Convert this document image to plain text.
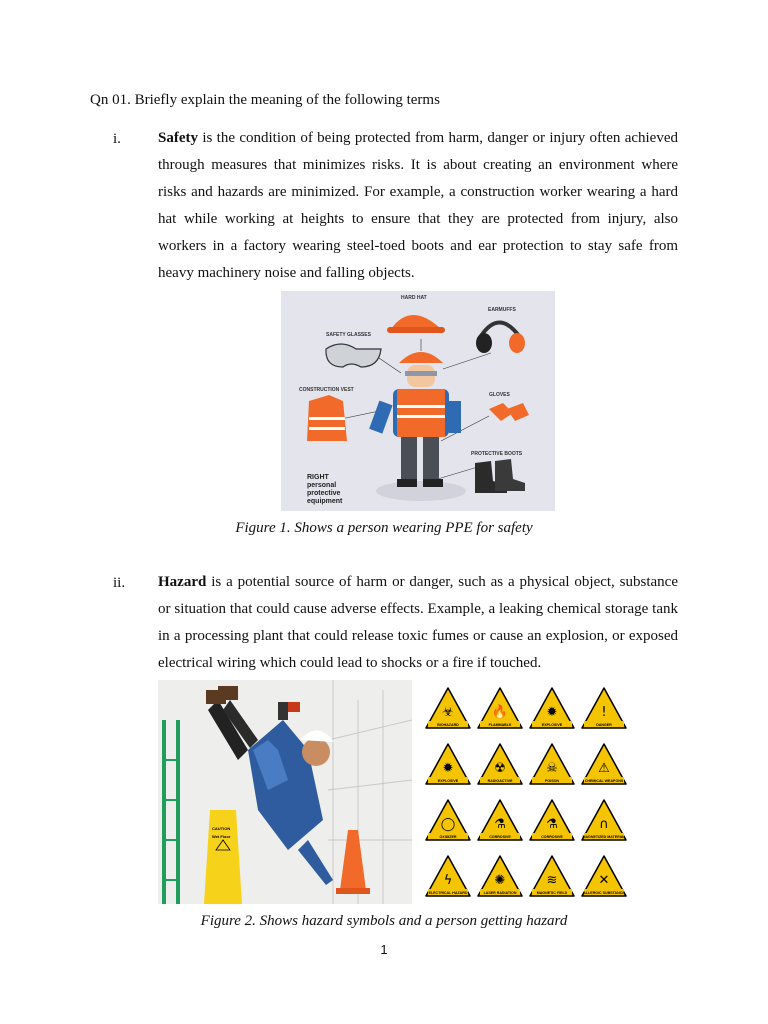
Qn 01. Briefly explain the meaning of the following terms
i. Safety is the condition of being protected from harm, danger or injury often achieved through measures that minimizes risks. It is about creating an environment where risks and hazards are minimized. For example, a construction worker wearing a hard hat while working at heights to ensure that they are protected from injury, also workers in a factory wearing steel-toed boots and ear protection to stay safe from heavy machinery noise and falling objects.
HARD HAT
EARMUFFS
SAFETY GLASSES
CONSTRUCTION VEST
GLOVES
PROTECTIVE BOOTS
RIGHT
personal
protective
equipment
Figure 1. Shows a person wearing PPE for safety
ii. Hazard is a potential source of harm or danger, such as a physical object, substance or situation that could cause adverse effects. Example, a leaking chemical storage tank in a processing plant that could release toxic fumes or cause an explosion, or exposed electrical wiring which could lead to shocks or a fire if touched.
CAUTION
Wet Floor
☣
BIOHAZARD
🔥
FLAMMABLE
✹
EXPLOSIVE
!
DANGER
✹
EXPLOSIVE
☢
RADIOACTIVE
☠
POISON
⚠
CHEMICAL WEAPONS
◯
OXIDIZER
⚗
CORROSIVE
⚗
CORROSIVE
∩
MAGNETIZED MATERIAL
ϟ
ELECTRICAL HAZARD
✺
LASER RADIATION
≋
MAGNETIC FIELD
✕
ALLERGIC SUBSTANCE
Figure 2. Shows hazard symbols and a person getting hazard
1
